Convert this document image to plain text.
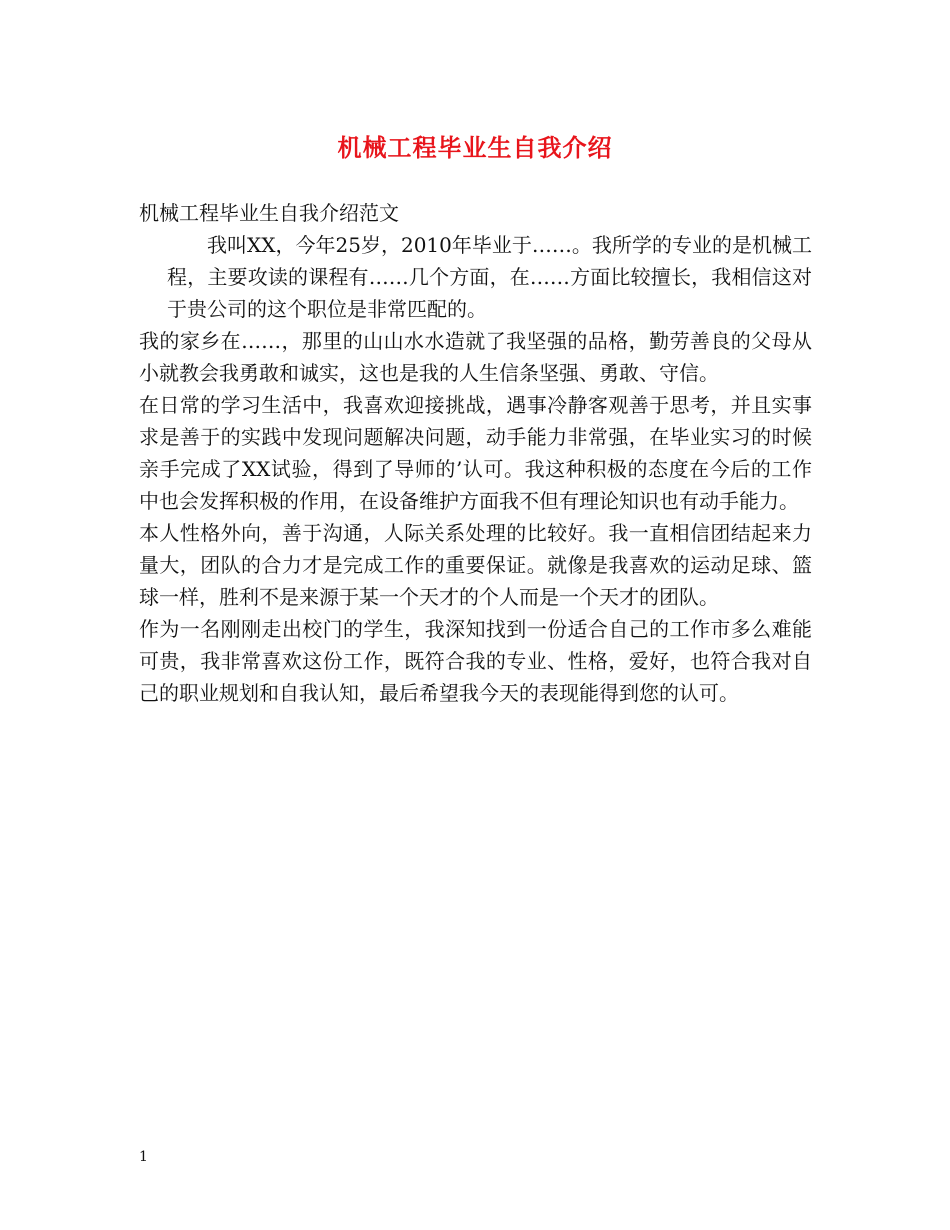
机械工程毕业生自我介绍

机械工程毕业生自我介绍范文

我叫XX，今年25岁，2010年毕业于……。我所学的专业的是机械工程，主要攻读的课程有……几个方面，在……方面比较擅长，我相信这对于贵公司的这个职位是非常匹配的。

我的家乡在……，那里的山山水水造就了我坚强的品格，勤劳善良的父母从小就教会我勇敢和诚实，这也是我的人生信条坚强、勇敢、守信。

在日常的学习生活中，我喜欢迎接挑战，遇事冷静客观善于思考，并且实事求是善于的实践中发现问题解决问题，动手能力非常强，在毕业实习的时候亲手完成了XX试验，得到了导师的’认可。我这种积极的态度在今后的工作中也会发挥积极的作用，在设备维护方面我不但有理论知识也有动手能力。

本人性格外向，善于沟通，人际关系处理的比较好。我一直相信团结起来力量大，团队的合力才是完成工作的重要保证。就像是我喜欢的运动足球、篮球一样，胜利不是来源于某一个天才的个人而是一个天才的团队。

作为一名刚刚走出校门的学生，我深知找到一份适合自己的工作市多么难能可贵，我非常喜欢这份工作，既符合我的专业、性格，爱好，也符合我对自己的职业规划和自我认知，最后希望我今天的表现能得到您的认可。

1
